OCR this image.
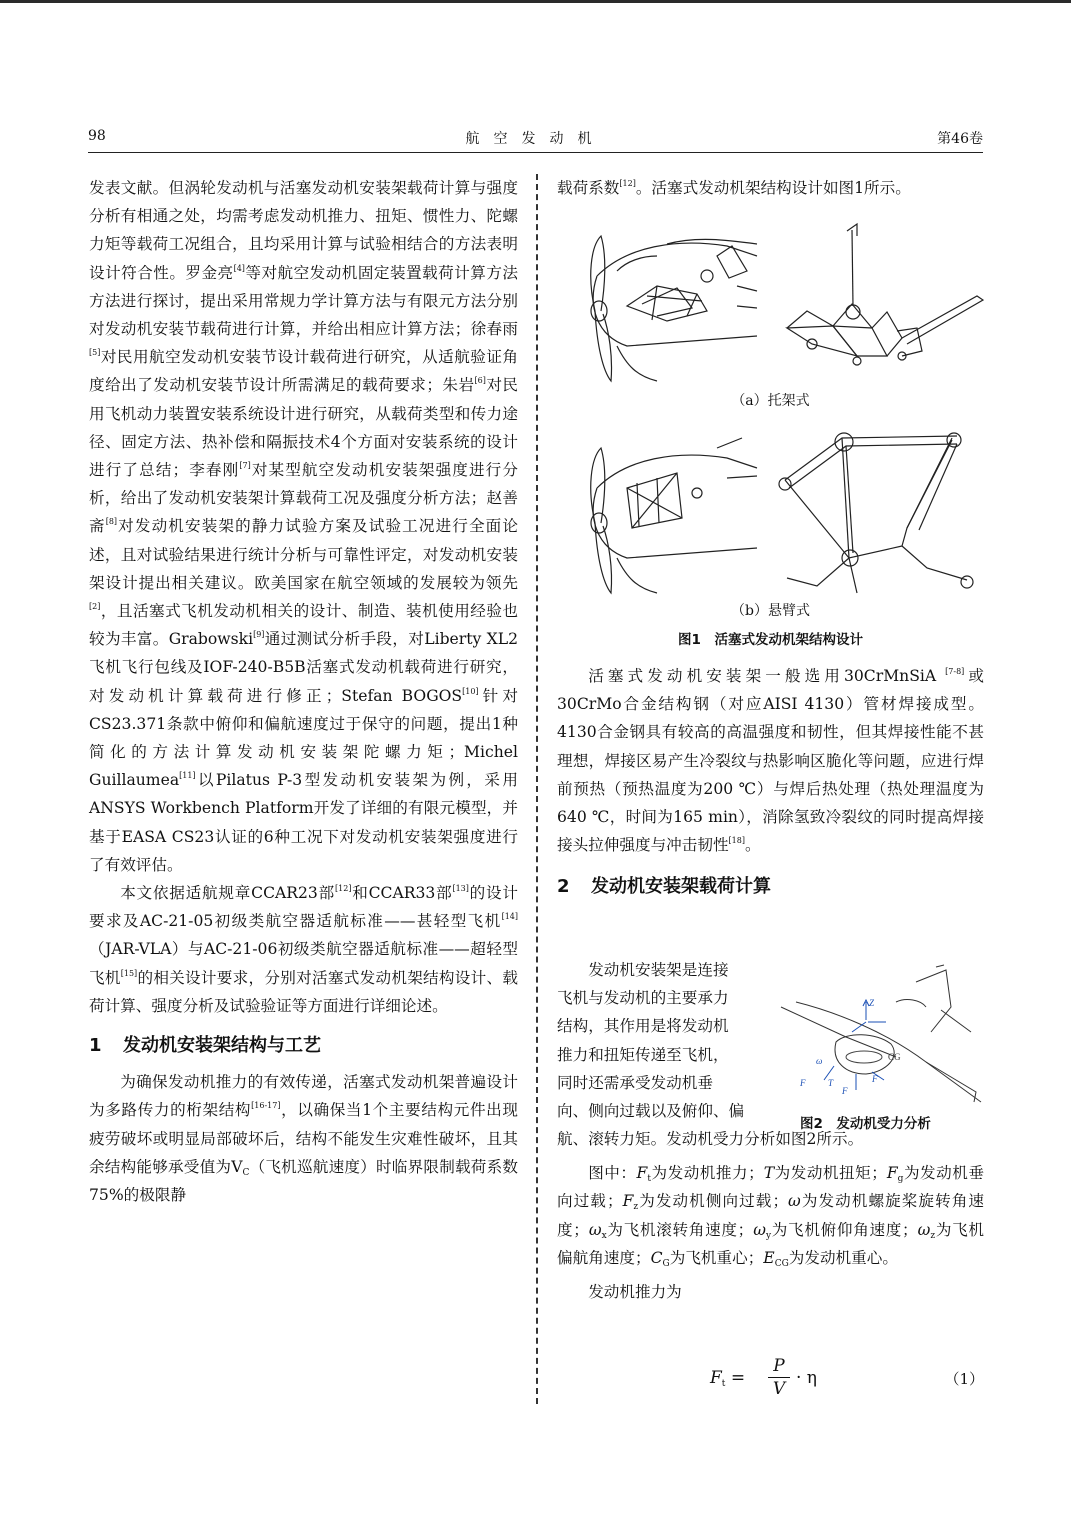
98	航空发动机	第46卷

发表文献。但涡轮发动机与活塞发动机安装架载荷计算与强度分析有相通之处，均需考虑发动机推力、扭矩、惯性力、陀螺力矩等载荷工况组合，且均采用计算与试验相结合的方法表明设计符合性。罗金亮[4]等对航空发动机固定装置载荷计算方法方法进行探讨，提出采用常规力学计算方法与有限元方法分别对发动机安装节载荷进行计算，并给出相应计算方法；徐春雨[5]对民用航空发动机安装节设计载荷进行研究，从适航验证角度给出了发动机安装节设计所需满足的载荷要求；朱岩[6]对民用飞机动力装置安装系统设计进行研究，从载荷类型和传力途径、固定方法、热补偿和隔振技术4个方面对安装系统的设计进行了总结；李春刚[7]对某型航空发动机安装架强度进行分析，给出了发动机安装架计算载荷工况及强度分析方法；赵善斋[8]对发动机安装架的静力试验方案及试验工况进行全面论述，且对试验结果进行统计分析与可靠性评定，对发动机安装架设计提出相关建议。欧美国家在航空领域的发展较为领先[2]，且活塞式飞机发动机相关的设计、制造、装机使用经验也较为丰富。Grabowski[9]通过测试分析手段，对Liberty XL2 飞机飞行包线及IOF-240-B5B活塞式发动机载荷进行研究，对发动机计算载荷进行修正；Stefan BOGOS[10]针对CS23.371条款中俯仰和偏航速度过于保守的问题，提出1种简化的方法计算发动机安装架陀螺力矩；Michel Guillaumea[11]以Pilatus P-3型发动机安装架为例，采用ANSYS Workbench Platform开发了详细的有限元模型，并基于EASA CS23认证的6种工况下对发动机安装架强度进行了有效评估。

本文依据适航规章CCAR23部[12]和CCAR33部[13]的设计要求及AC-21-05初级类航空器适航标准——甚轻型飞机[14]（JAR-VLA）与AC-21-06初级类航空器适航标准——超轻型飞机[15]的相关设计要求，分别对活塞式发动机架结构设计、载荷计算、强度分析及试验验证等方面进行详细论述。

1 发动机安装架结构与工艺

为确保发动机推力的有效传递，活塞式发动机架普遍设计为多路传力的桁架结构[16-17]，以确保当1个主要结构元件出现疲劳破坏或明显局部破坏后，结构不能发生灾难性破坏，且其余结构能够承受值为$V_C$（飞机巡航速度）时临界限制载荷系数75%的极限静

载荷系数[12]。活塞式发动机架结构设计如图1所示。

（a）托架式
（b）悬臂式
图1　活塞式发动机架结构设计

活塞式发动机安装架一般选用30CrMnSiA [7-8]或30CrMo合金结构钢（对应AISI 4130）管材焊接成型。4130合金钢具有较高的高温强度和韧性，但其焊接性能不甚理想，焊接区易产生冷裂纹与热影响区脆化等问题，应进行焊前预热（预热温度为200 ℃）与焊后热处理（热处理温度为640 ℃，时间为165 min），消除氢致冷裂纹的同时提高焊接接头拉伸强度与冲击韧性[18]。

2 发动机安装架载荷计算
发动机安装架是连接
飞机与发动机的主要承力
结构，其作用是将发动机
推力和扭矩传递至飞机，
同时还需承受发动机垂
向、侧向过载以及俯仰、偏
Z
CG
F	T
F
F
ω
图2　发动机受力分析

航、滚转力矩。发动机受力分析如图2所示。

图中：$F_t$为发动机推力；T为发动机扭矩；$F_g$为发动机垂向过载；$F_z$为发动机侧向过载；ω为发动机螺旋桨旋转角速度；$\omega_x$为飞机滚转角速度；$\omega_y$为飞机俯仰角速度；$\omega_z$为飞机偏航角速度；$C_G$为飞机重心；$E_{CG}$为发动机重心。

发动机推力为

$F_t$ =
P
V
· η	（1）
